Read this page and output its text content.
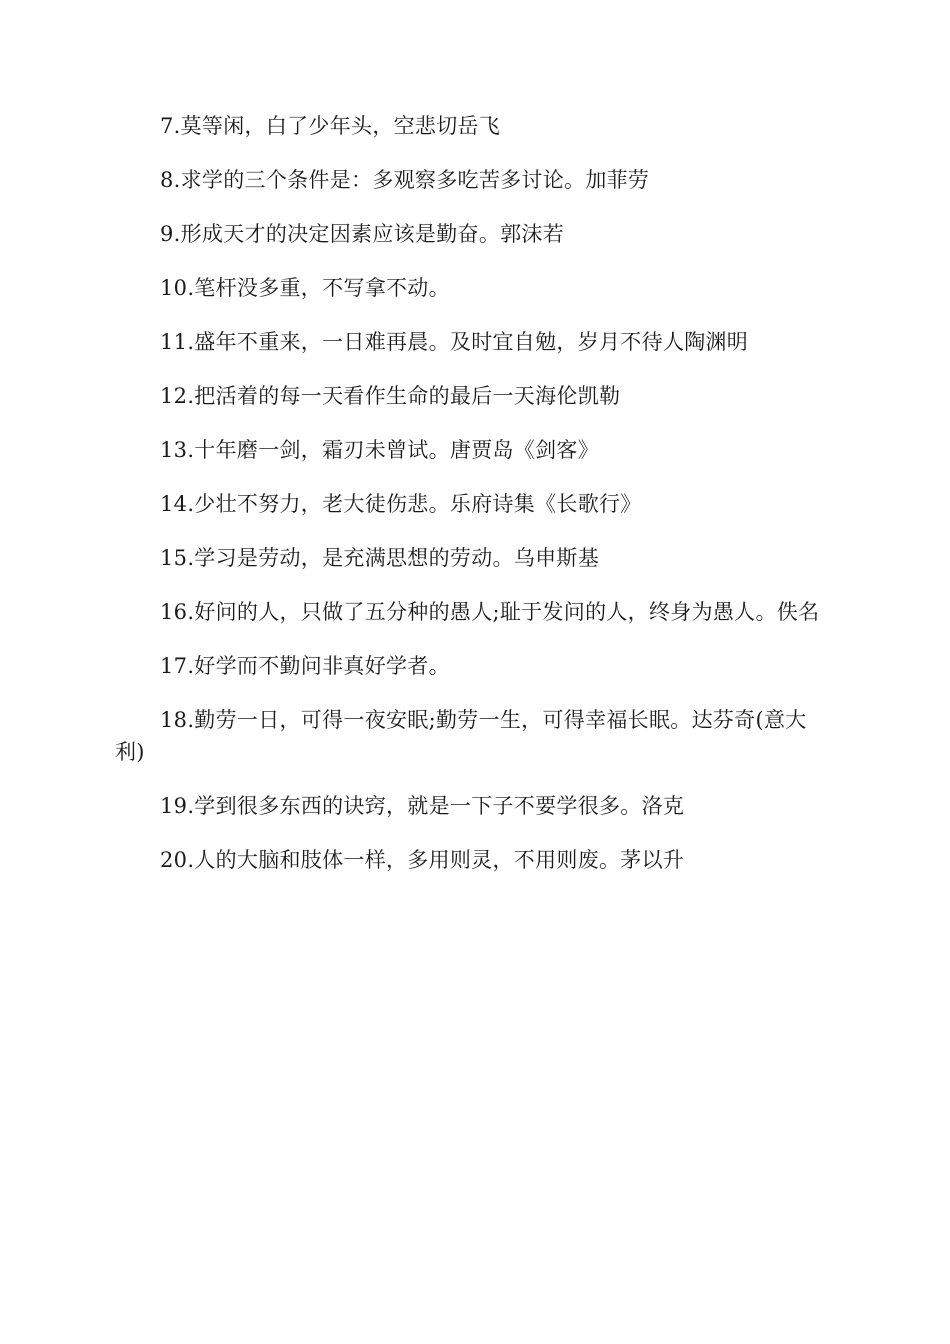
7.莫等闲，白了少年头，空悲切岳飞

8.求学的三个条件是：多观察多吃苦多讨论。加菲劳

9.形成天才的决定因素应该是勤奋。郭沫若

10.笔杆没多重，不写拿不动。

11.盛年不重来，一日难再晨。及时宜自勉，岁月不待人陶渊明

12.把活着的每一天看作生命的最后一天海伦凯勒

13.十年磨一剑，霜刃未曾试。唐贾岛《剑客》

14.少壮不努力，老大徒伤悲。乐府诗集《长歌行》

15.学习是劳动，是充满思想的劳动。乌申斯基

16.好问的人，只做了五分种的愚人;耻于发问的人，终身为愚人。佚名

17.好学而不勤问非真好学者。

18.勤劳一日，可得一夜安眠;勤劳一生，可得幸福长眠。达芬奇(意大利)

19.学到很多东西的诀窍，就是一下子不要学很多。洛克

20.人的大脑和肢体一样，多用则灵，不用则废。茅以升
